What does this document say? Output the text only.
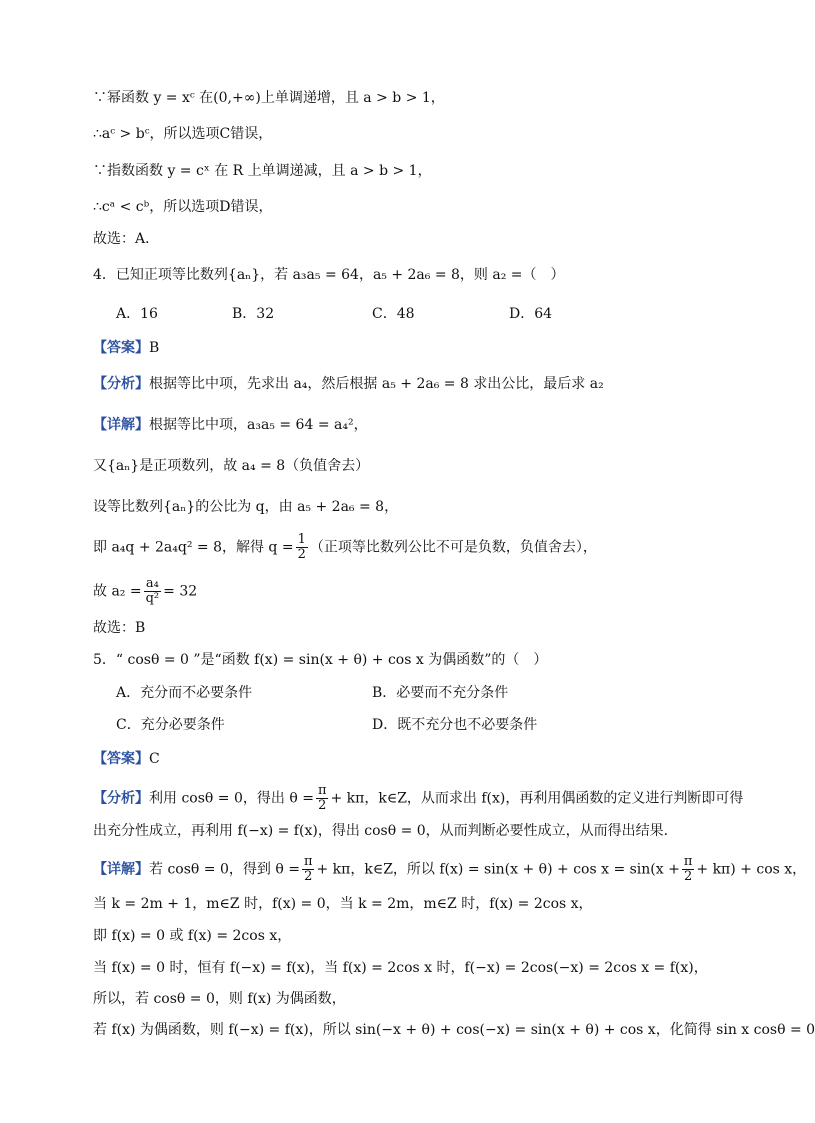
∵幂函数 y = xᶜ 在(0,+∞)上单调递增，且 a > b > 1，
∴aᶜ > bᶜ，所以选项C错误，
∵指数函数 y = cˣ 在 R 上单调递减，且 a > b > 1，
∴cᵃ < cᵇ，所以选项D错误，
故选：A．
4．已知正项等比数列{aₙ}，若 a₃a₅ = 64，a₅ + 2a₆ = 8，则 a₂ =（　）
A．16	B．32	C．48	D．64
【答案】B
【分析】根据等比中项，先求出 a₄，然后根据 a₅ + 2a₆ = 8 求出公比，最后求 a₂
【详解】根据等比中项，a₃a₅ = 64 = a₄²，
又{aₙ}是正项数列，故 a₄ = 8（负值舍去）
设等比数列{aₙ}的公比为 q，由 a₅ + 2a₆ = 8，
即 a₄q + 2a₄q² = 8，解得 $q = \frac{1}{2}$ （正项等比数列公比不可是负数，负值舍去），
故 $a_2 = \frac{\text{a₄}}{\text{q²}} = 32$
故选：B
5．“ cosθ = 0 ”是“函数 f(x) = sin(x + θ) + cos x 为偶函数”的（　）
A．充分而不必要条件	B．必要而不充分条件
C．充分必要条件	D．既不充分也不必要条件
【答案】C
【分析】利用 cosθ = 0，得出 $\theta = \frac{\pi}{2} + k\pi$，k∈Z，从而求出 f(x)，再利用偶函数的定义进行判断即可得
出充分性成立，再利用 f(−x) = f(x)，得出 cosθ = 0，从而判断必要性成立，从而得出结果.
【详解】若 cosθ = 0，得到 $\theta = \frac{\pi}{2} + k\pi$，k∈Z，所以 $f(x) = \sin(x + \theta) + \cos x = \sin(x + \frac{\pi}{2} + k\pi) + \cos x$，
当 k = 2m + 1，m∈Z 时，f(x) = 0，当 k = 2m，m∈Z 时，f(x) = 2cos x，
即 f(x) = 0 或 f(x) = 2cos x，
当 f(x) = 0 时，恒有 f(−x) = f(x)，当 f(x) = 2cos x 时，f(−x) = 2cos(−x) = 2cos x = f(x)，
所以，若 cosθ = 0，则 f(x) 为偶函数，
若 f(x) 为偶函数，则 f(−x) = f(x)，所以 sin(−x + θ) + cos(−x) = sin(x + θ) + cos x，化简得 sin x cosθ = 0
